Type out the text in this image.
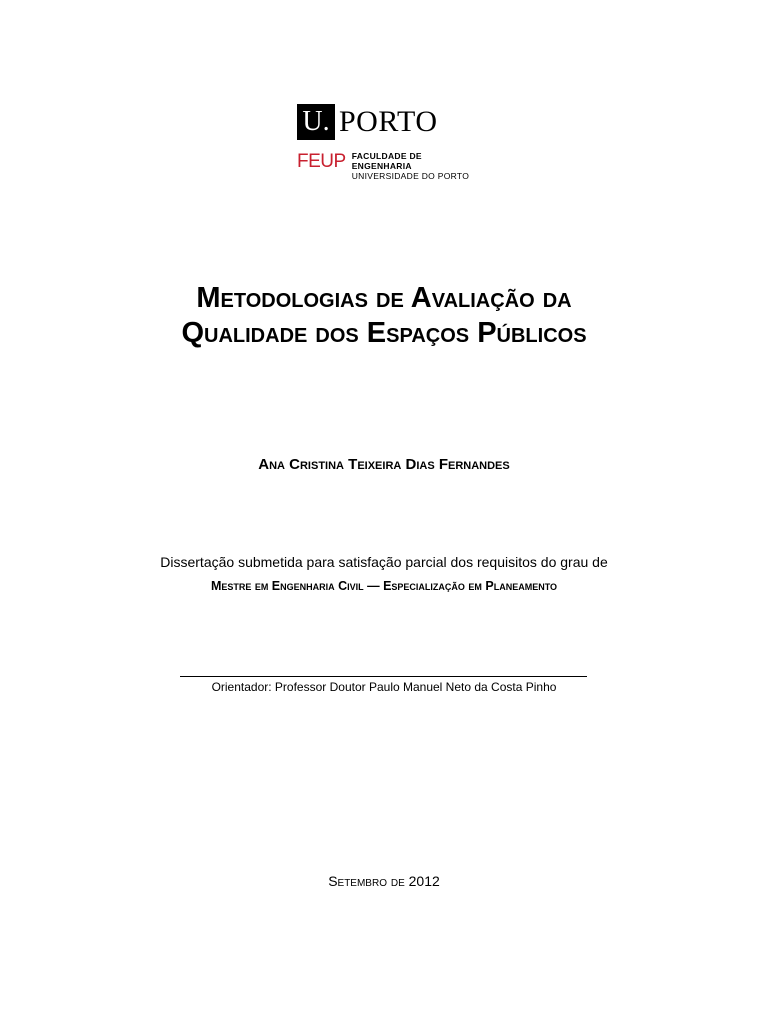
U. PORTO
FEUP FACULDADE DE ENGENHARIA
UNIVERSIDADE DO PORTO
Metodologias de Avaliação da
Qualidade dos Espaços Públicos
Ana Cristina Teixeira Dias Fernandes
Dissertação submetida para satisfação parcial dos requisitos do grau de
Mestre em Engenharia Civil — Especialização em Planeamento
Orientador: Professor Doutor Paulo Manuel Neto da Costa Pinho
Setembro de 2012
